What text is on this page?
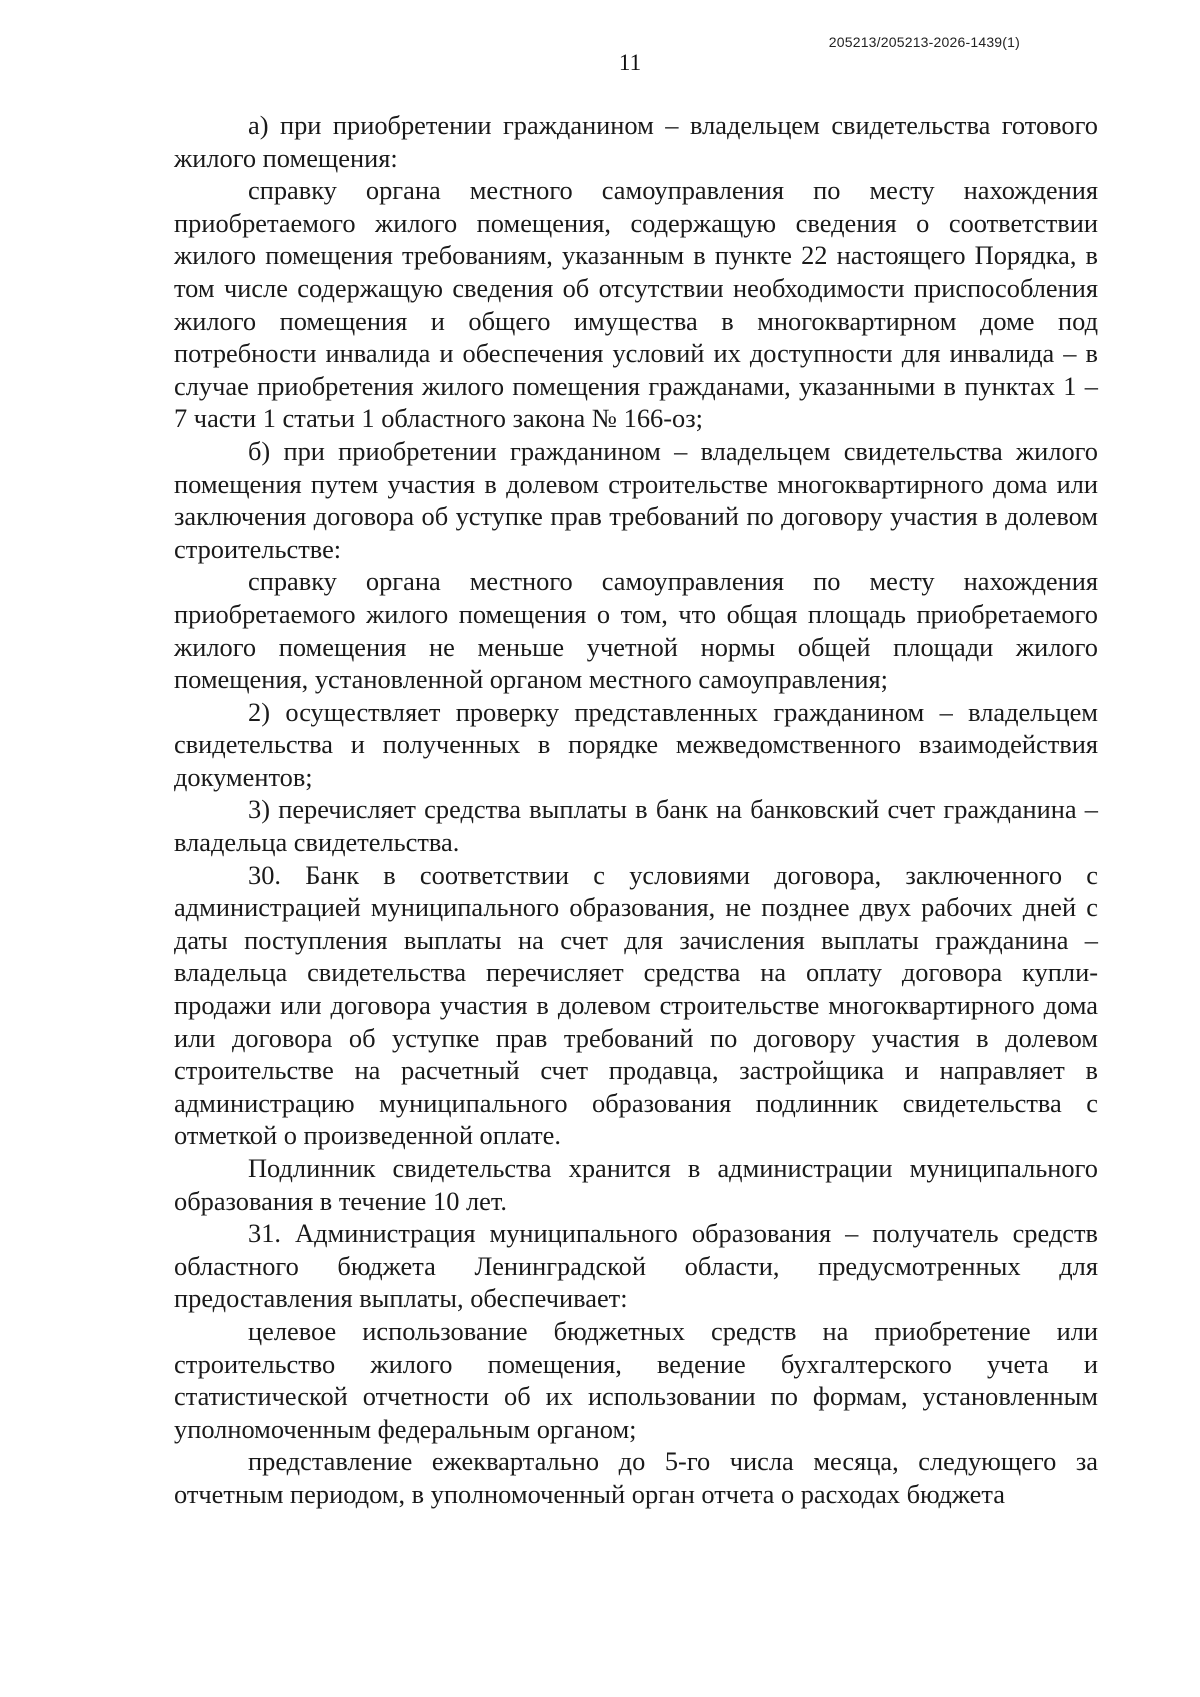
205213/205213-2026-1439(1)
11

а) при приобретении гражданином – владельцем свидетельства готового жилого помещения:

справку органа местного самоуправления по месту нахождения приобретаемого жилого помещения, содержащую сведения о соответствии жилого помещения требованиям, указанным в пункте 22 настоящего Порядка, в том числе содержащую сведения об отсутствии необходимости приспособления жилого помещения и общего имущества в многоквартирном доме под потребности инвалида и обеспечения условий их доступности для инвалида – в случае приобретения жилого помещения гражданами, указанными в пунктах 1 – 7 части 1 статьи 1 областного закона № 166-оз;

б) при приобретении гражданином – владельцем свидетельства жилого помещения путем участия в долевом строительстве многоквартирного дома или заключения договора об уступке прав требований по договору участия в долевом строительстве:

справку органа местного самоуправления по месту нахождения приобретаемого жилого помещения о том, что общая площадь приобретаемого жилого помещения не меньше учетной нормы общей площади жилого помещения, установленной органом местного самоуправления;

2) осуществляет проверку представленных гражданином – владельцем свидетельства и полученных в порядке межведомственного взаимодействия документов;

3) перечисляет средства выплаты в банк на банковский счет гражданина – владельца свидетельства.

30. Банк в соответствии с условиями договора, заключенного с администрацией муниципального образования, не позднее двух рабочих дней с даты поступления выплаты на счет для зачисления выплаты гражданина – владельца свидетельства перечисляет средства на оплату договора купли-продажи или договора участия в долевом строительстве многоквартирного дома или договора об уступке прав требований по договору участия в долевом строительстве на расчетный счет продавца, застройщика и направляет в администрацию муниципального образования подлинник свидетельства с отметкой о произведенной оплате.

Подлинник свидетельства хранится в администрации муниципального образования в течение 10 лет.

31. Администрация муниципального образования – получатель средств областного бюджета Ленинградской области, предусмотренных для предоставления выплаты, обеспечивает:

целевое использование бюджетных средств на приобретение или строительство жилого помещения, ведение бухгалтерского учета и статистической отчетности об их использовании по формам, установленным уполномоченным федеральным органом;

представление ежеквартально до 5-го числа месяца, следующего за отчетным периодом, в уполномоченный орган отчета о расходах бюджета
